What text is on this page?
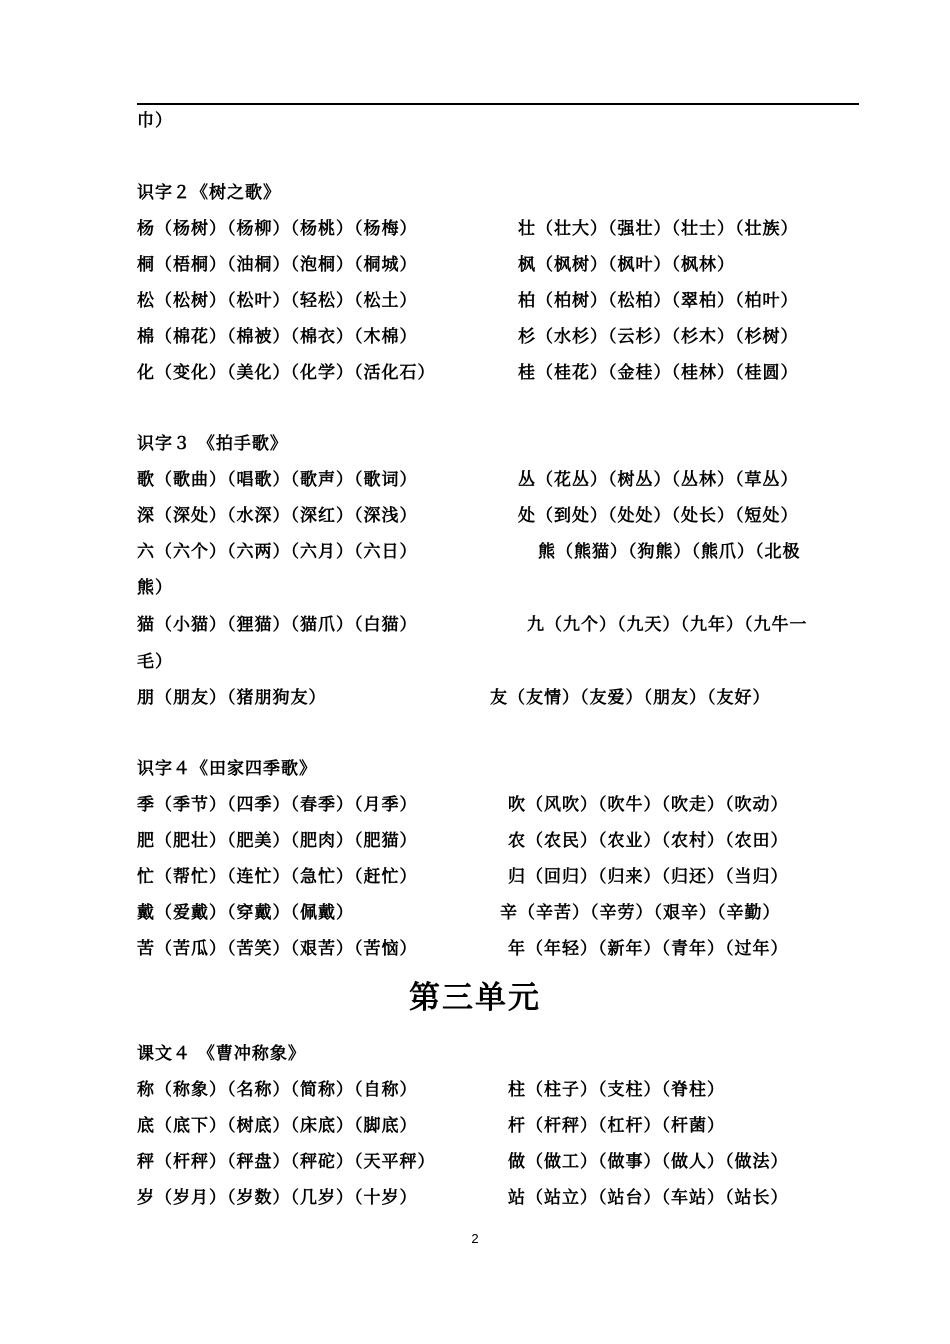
巾）
识字２《树之歌》
杨（杨树）（杨柳）（杨桃）（杨梅）	壮（壮大）（强壮）（壮士）（壮族）
桐（梧桐）（油桐）（泡桐）（桐城）	枫（枫树）（枫叶）（枫林）
松（松树）（松叶）（轻松）（松土）	柏（柏树）（松柏）（翠柏）（柏叶）
棉（棉花）（棉被）（棉衣）（木棉）	杉（水杉）（云杉）（杉木）（杉树）
化（变化）（美化）（化学）（活化石）	桂（桂花）（金桂）（桂林）（桂圆）
识字３ 《拍手歌》
歌（歌曲）（唱歌）（歌声）（歌词）	丛（花丛）（树丛）（丛林）（草丛）
深（深处）（水深）（深红）（深浅）	处（到处）（处处）（处长）（短处）
六（六个）（六两）（六月）（六日）	熊（熊猫）（狗熊）（熊爪）（北极
熊）
猫（小猫）（狸猫）（猫爪）（白猫）	九（九个）（九天）（九年）（九牛一
毛）
朋（朋友）（猪朋狗友）	友（友情）（友爱）（朋友）（友好）
识字４《田家四季歌》
季（季节）（四季）（春季）（月季）	吹（风吹）（吹牛）（吹走）（吹动）
肥（肥壮）（肥美）（肥肉）（肥猫）	农（农民）（农业）（农村）（农田）
忙（帮忙）（连忙）（急忙）（赶忙）	归（回归）（归来）（归还）（当归）
戴（爱戴）（穿戴）（佩戴）	辛（辛苦）（辛劳）（艰辛）（辛勤）
苦（苦瓜）（苦笑）（艰苦）（苦恼）	年（年轻）（新年）（青年）（过年）
第三单元
课文４ 《曹冲称象》
称（称象）（名称）（简称）（自称）	柱（柱子）（支柱）（脊柱）
底（底下）（树底）（床底）（脚底）	杆（杆秤）（杠杆）（杆菌）
秤（杆秤）（秤盘）（秤砣）（天平秤）	做（做工）（做事）（做人）（做法）
岁（岁月）（岁数）（几岁）（十岁）	站（站立）（站台）（车站）（站长）
2
